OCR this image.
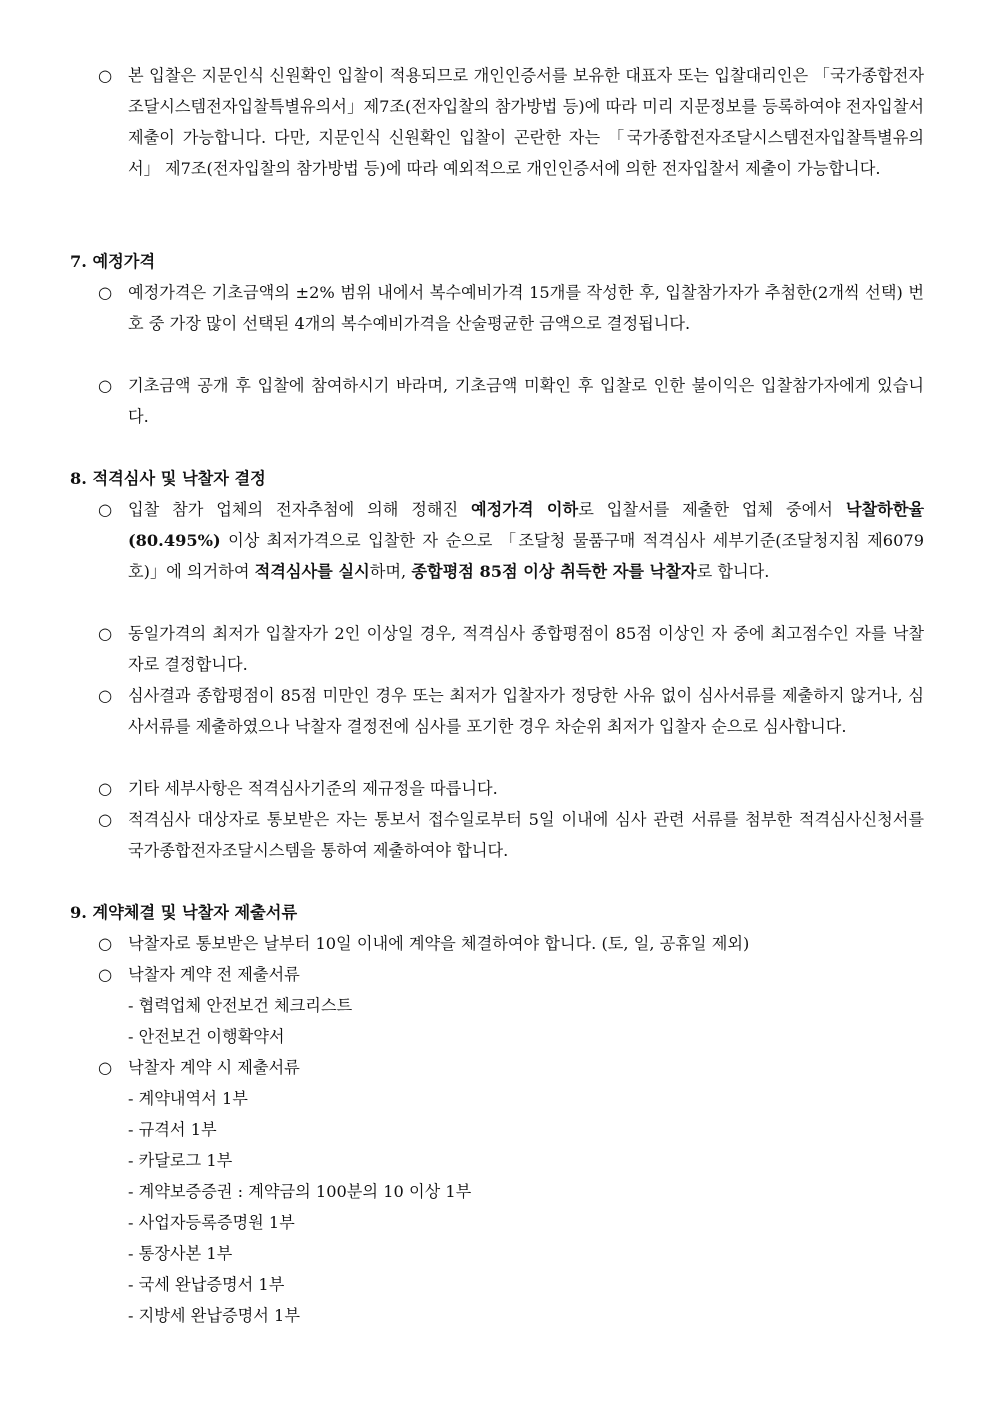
○ 본 입찰은 지문인식 신원확인 입찰이 적용되므로 개인인증서를 보유한 대표자 또는 입찰대리인은 「국가종합전자조달시스템전자입찰특별유의서」제7조(전자입찰의 참가방법 등)에 따라 미리 지문정보를 등록하여야 전자입찰서 제출이 가능합니다. 다만, 지문인식 신원확인 입찰이 곤란한 자는 「국가종합전자조달시스템전자입찰특별유의서」 제7조(전자입찰의 참가방법 등)에 따라 예외적으로 개인인증서에 의한 전자입찰서 제출이 가능합니다.
7. 예정가격
○ 예정가격은 기초금액의 ±2% 범위 내에서 복수예비가격 15개를 작성한 후, 입찰참가자가 추첨한(2개씩 선택) 번호 중 가장 많이 선택된 4개의 복수예비가격을 산술평균한 금액으로 결정됩니다.
○ 기초금액 공개 후 입찰에 참여하시기 바라며, 기초금액 미확인 후 입찰로 인한 불이익은 입찰참가자에게 있습니다.
8. 적격심사 및 낙찰자 결정
○ 입찰 참가 업체의 전자추첨에 의해 정해진 예정가격 이하로 입찰서를 제출한 업체 중에서 낙찰하한율(80.495%) 이상 최저가격으로 입찰한 자 순으로 「조달청 물품구매 적격심사 세부기준(조달청지침 제6079호)」에 의거하여 적격심사를 실시하며, 종합평점 85점 이상 취득한 자를 낙찰자로 합니다.
○ 동일가격의 최저가 입찰자가 2인 이상일 경우, 적격심사 종합평점이 85점 이상인 자 중에 최고점수인 자를 낙찰자로 결정합니다.
○ 심사결과 종합평점이 85점 미만인 경우 또는 최저가 입찰자가 정당한 사유 없이 심사서류를 제출하지 않거나, 심사서류를 제출하였으나 낙찰자 결정전에 심사를 포기한 경우 차순위 최저가 입찰자 순으로 심사합니다.
○ 기타 세부사항은 적격심사기준의 제규정을 따릅니다.
○ 적격심사 대상자로 통보받은 자는 통보서 접수일로부터 5일 이내에 심사 관련 서류를 첨부한 적격심사신청서를 국가종합전자조달시스템을 통하여 제출하여야 합니다.
9. 계약체결 및 낙찰자 제출서류
○ 낙찰자로 통보받은 날부터 10일 이내에 계약을 체결하여야 합니다. (토, 일, 공휴일 제외)
○ 낙찰자 계약 전 제출서류
- 협력업체 안전보건 체크리스트
- 안전보건 이행확약서
○ 낙찰자 계약 시 제출서류
- 계약내역서 1부
- 규격서 1부
- 카달로그 1부
- 계약보증증권 : 계약금의 100분의 10 이상 1부
- 사업자등록증명원 1부
- 통장사본 1부
- 국세 완납증명서 1부
- 지방세 완납증명서 1부
